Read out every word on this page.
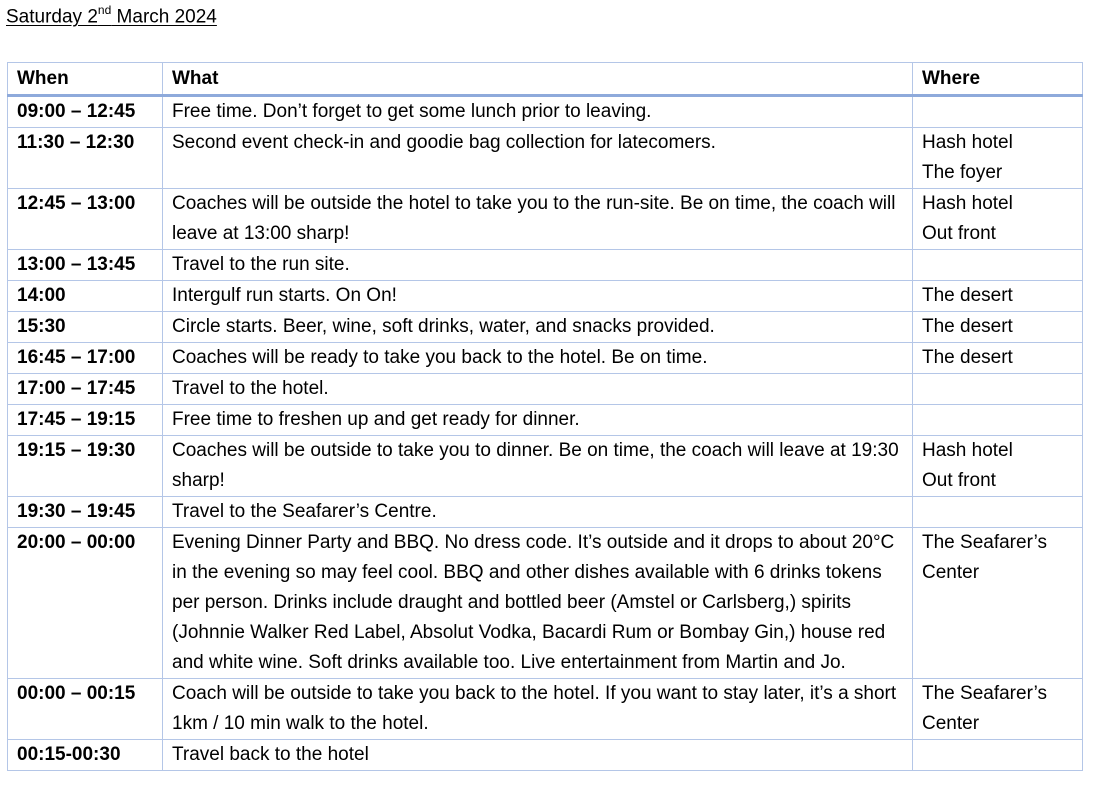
Saturday 2nd March 2024
When	What	Where
09:00 – 12:45	Free time. Don’t forget to get some lunch prior to leaving.	

11:30 – 12:30	Second event check-in and goodie bag collection for latecomers.	Hash hotel
The foyer

12:45 – 13:00	Coaches will be outside the hotel to take you to the run-site. Be on time, the coach will leave at 13:00 sharp!	Hash hotel
Out front

13:00 – 13:45	Travel to the run site.	

14:00	Intergulf run starts. On On!	The desert

15:30	Circle starts. Beer, wine, soft drinks, water, and snacks provided.	The desert

16:45 – 17:00	Coaches will be ready to take you back to the hotel. Be on time.	The desert

17:00 – 17:45	Travel to the hotel.	

17:45 – 19:15	Free time to freshen up and get ready for dinner.	

19:15 – 19:30	Coaches will be outside to take you to dinner. Be on time, the coach will leave at 19:30 sharp!	Hash hotel
Out front

19:30 – 19:45	Travel to the Seafarer’s Centre.	

20:00 – 00:00	Evening Dinner Party and BBQ. No dress code. It’s outside and it drops to about 20°C in the evening so may feel cool. BBQ and other dishes available with 6 drinks tokens per person. Drinks include draught and bottled beer (Amstel or Carlsberg,) spirits (Johnnie Walker Red Label, Absolut Vodka, Bacardi Rum or Bombay Gin,) house red and white wine. Soft drinks available too. Live entertainment from Martin and Jo.	The Seafarer’s
Center

00:00 – 00:15	Coach will be outside to take you back to the hotel. If you want to stay later, it’s a short 1km / 10 min walk to the hotel.	The Seafarer’s
Center

00:15-00:30	Travel back to the hotel	
